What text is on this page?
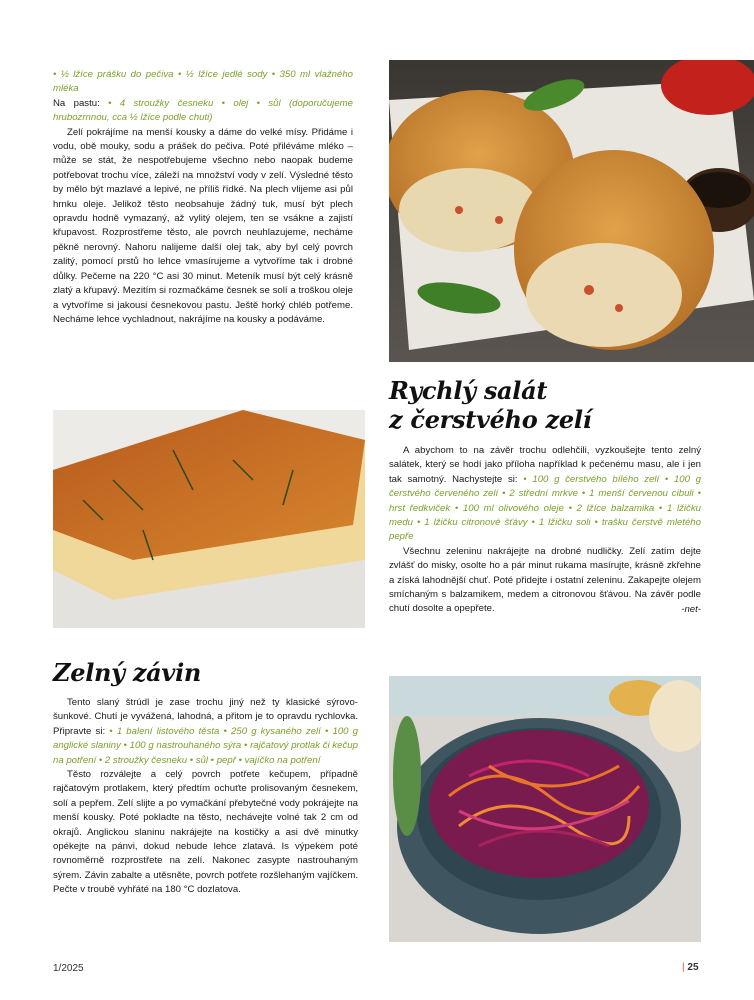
• ½ lžíce prášku do pečiva • ½ lžíce jedlé sody • 350 ml vlažného mléka

Na pastu: • 4 stroužky česneku • olej • sůl (doporučujeme hrubozrnnou, cca ½ lžíce podle chuti)

Zelí pokrájíme na menší kousky a dáme do velké mísy. Přidáme i vodu, obě mouky, sodu a prášek do pečiva. Poté přiléváme mléko – může se stát, že nespotřebujeme všechno nebo naopak budeme potřebovat trochu více, záleží na množství vody v zelí. Výsledné těsto by mělo být mazlavé a lepivé, ne příliš řídké. Na plech vlijeme asi půl hrnku oleje. Jelikož těsto neobsahuje žádný tuk, musí být plech opravdu hodně vymazaný, až vylitý olejem, ten se vsákne a zajistí křupavost. Rozprostřeme těsto, ale povrch neuhlazujeme, necháme pěkně nerovný. Nahoru nalijeme další olej tak, aby byl celý povrch zalitý, pomocí prstů ho lehce vmasírujeme a vytvoříme tak i drobné důlky. Pečeme na 220 °C asi 30 minut. Meteník musí být celý krásně zlatý a křupavý. Mezitím si rozmačkáme česnek se solí a troškou oleje a vytvoříme si jakousi česnekovou pastu. Ještě horký chléb potřeme. Necháme lehce vychladnout, nakrájíme na kousky a podáváme.

Rychlý salát
z čerstvého zelí

A abychom to na závěr trochu odlehčili, vyzkoušejte tento zelný salátek, který se hodí jako příloha například k pečenému masu, ale i jen tak samotný. Nachystejte si: • 100 g čerstvého bílého zelí • 100 g čerstvého červeného zelí • 2 střední mrkve • 1 menší červenou cibuli • hrst ředkviček • 100 ml olivového oleje • 2 lžíce balzamika • 1 lžičku medu • 1 lžičku citronové šťávy • 1 lžičku soli • trašku čerstvě mletého pepře

Všechnu zeleninu nakrájejte na drobné nudličky. Zelí zatím dejte zvlášť do misky, osolte ho a pár minut rukama masírujte, krásně zkřehne a získá lahodnější chuť. Poté přidejte i ostatní zeleninu. Zakapejte olejem smíchaným s balzamikem, medem a citronovou šťávou. Na závěr podle chutí dosolte a opepřete.	-net-
Zelný závin

Tento slaný štrúdl je zase trochu jiný než ty klasické sýrovo-šunkové. Chutí je vyvážená, lahodná, a přitom je to opravdu rychlovka. Připravte si: • 1 balení listového těsta • 250 g kysaného zelí • 100 g anglické slaniny • 100 g nastrouhaného sýra • rajčatový protlak či kečup na potření • 2 stroužky česneku • sůl • pepř • vajíčko na potření

Těsto rozválejte a celý povrch potřete kečupem, případně rajčatovým protlakem, který předtím ochuťte prolisovaným česnekem, solí a pepřem. Zelí slijte a po vymačkání přebytečné vody pokrájejte na menší kousky. Poté pokladte na těsto, nechávejte volné tak 2 cm od okrajů. Anglickou slaninu nakrájejte na kostičky a asi dvě minutky opékejte na pánvi, dokud nebude lehce zlatavá. Is výpekem poté rovnoměrně rozprostřete na zelí. Nakonec zasypte nastrouhaným sýrem. Závin zabalte a utěsněte, povrch potřete rozšlehaným vajíčkem. Pečte v troubě vyhřáté na 180 °C dozlatova.

1/2025	| 25
